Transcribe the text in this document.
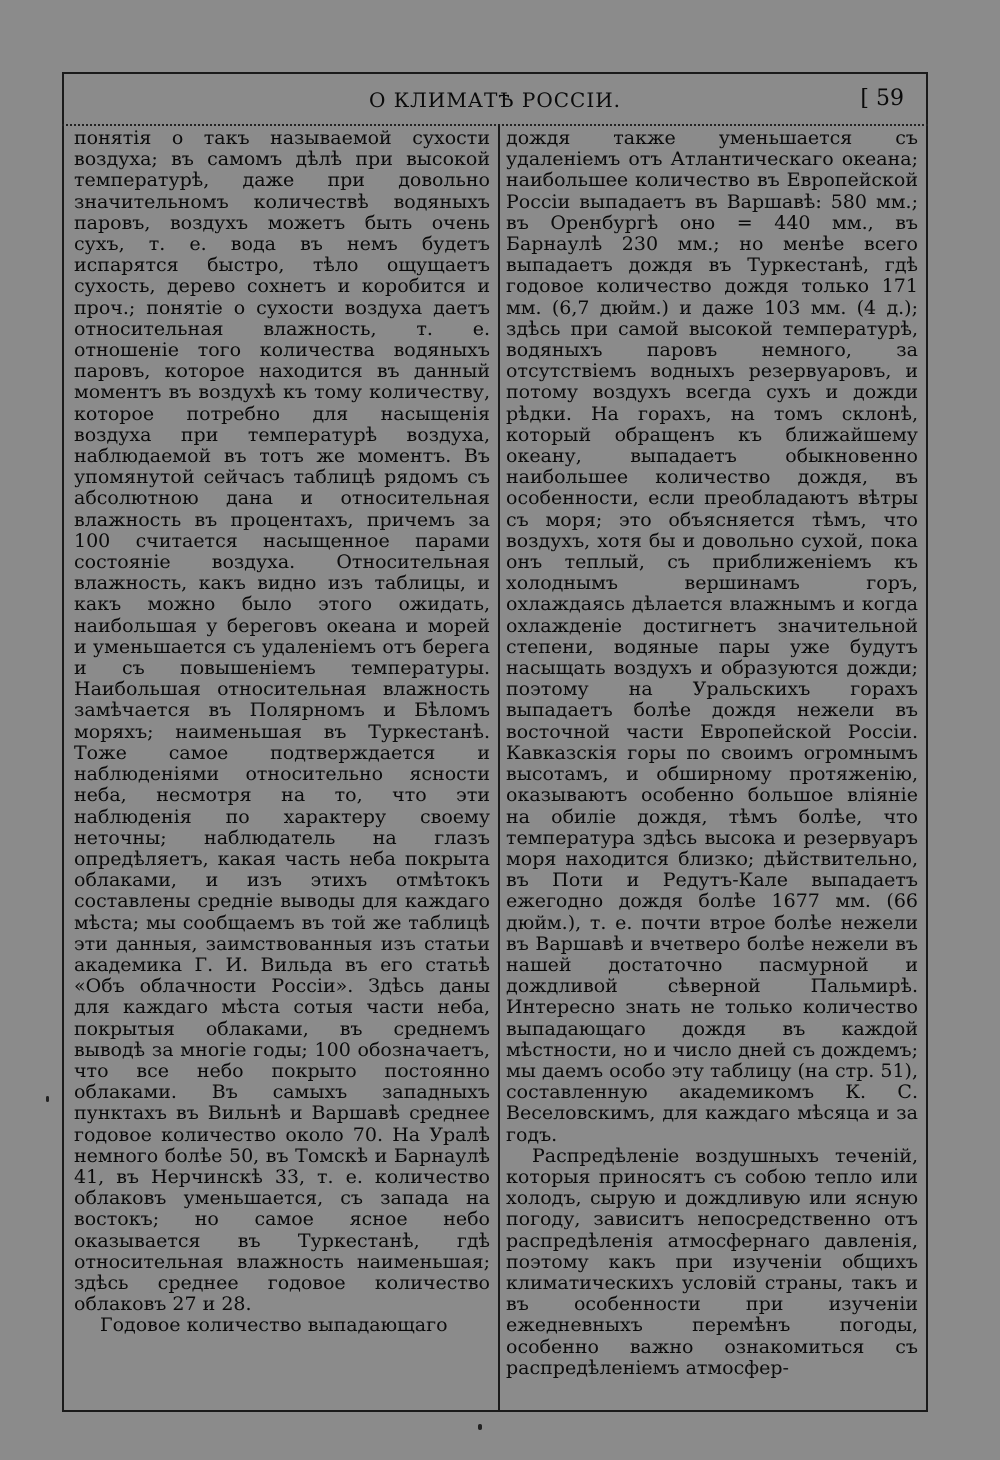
О КЛИМАТѢ РОССІИ.	[ 59

понятія о такъ называемой сухости воздуха; въ самомъ дѣлѣ при высокой температурѣ, даже при довольно значительномъ количествѣ водяныхъ паровъ, воздухъ можетъ быть очень сухъ, т. е. вода въ немъ будетъ испарятся быстро, тѣло ощущаетъ сухость, дерево сохнетъ и коробится и проч.; понятіе о сухости воздуха даетъ относительная влажность, т. е. отношеніе того количества водяныхъ паровъ, которое находится въ данный моментъ въ воздухѣ къ тому количеству, которое потребно для насыщенія воздуха при температурѣ воздуха, наблюдаемой въ тотъ же моментъ. Въ упомянутой сейчасъ таблицѣ рядомъ съ абсолютною дана и относительная влажность въ процентахъ, причемъ за 100 считается насыщенное парами состояніе воздуха. Относительная влажность, какъ видно изъ таблицы, и какъ можно было этого ожидать, наибольшая у береговъ океана и морей и уменьшается съ удаленіемъ отъ берега и съ повышеніемъ температуры. Наибольшая относительная влажность замѣчается въ Полярномъ и Бѣломъ моряхъ; наименьшая въ Туркестанѣ. Тоже самое подтверждается и наблюденіями относительно ясности неба, несмотря на то, что эти наблюденія по характеру своему неточны; наблюдатель на глазъ опредѣляетъ, какая часть неба покрыта облаками, и изъ этихъ отмѣтокъ составлены средніе выводы для каждаго мѣста; мы сообщаемъ въ той же таблицѣ эти данныя, заимствованныя изъ статьи академика Г. И. Вильда въ его статьѣ «Объ облачности Россіи». Здѣсь даны для каждаго мѣста сотыя части неба, покрытыя облаками, въ среднемъ выводѣ за многіе годы; 100 обозначаетъ, что все небо покрыто постоянно облаками. Въ самыхъ западныхъ пунктахъ въ Вильнѣ и Варшавѣ среднее годовое количество около 70. На Уралѣ немного болѣе 50, въ Томскѣ и Барнаулѣ 41, въ Нерчинскѣ 33, т. е. количество облаковъ уменьшается, съ запада на востокъ; но самое ясное небо оказывается въ Туркестанѣ, гдѣ относительная влажность наименьшая; здѣсь среднее годовое количество облаковъ 27 и 28.

Годовое количество выпадающаго

дождя также уменьшается съ удаленіемъ отъ Атлантическаго океана; наибольшее количество въ Европейской Россіи выпадаетъ въ Варшавѣ: 580 мм.; въ Оренбургѣ оно = 440 мм., въ Барнаулѣ 230 мм.; но менѣе всего выпадаетъ дождя въ Туркестанѣ, гдѣ годовое количество дождя только 171 мм. (6,7 дюйм.) и даже 103 мм. (4 д.); здѣсь при самой высокой температурѣ, водяныхъ паровъ немного, за отсутствіемъ водныхъ резервуаровъ, и потому воздухъ всегда сухъ и дожди рѣдки. На горахъ, на томъ склонѣ, который обращенъ къ ближайшему океану, выпадаетъ обыкновенно наибольшее количество дождя, въ особенности, если преобладаютъ вѣтры съ моря; это объясняется тѣмъ, что воздухъ, хотя бы и довольно сухой, пока онъ теплый, съ приближеніемъ къ холоднымъ вершинамъ горъ, охлаждаясь дѣлается влажнымъ и когда охлажденіе достигнетъ значительной степени, водяные пары уже будутъ насыщать воздухъ и образуются дожди; поэтому на Уральскихъ горахъ выпадаетъ болѣе дождя нежели въ восточной части Европейской Россіи. Кавказскія горы по своимъ огромнымъ высотамъ, и обширному протяженію, оказываютъ особенно большое вліяніе на обиліе дождя, тѣмъ болѣе, что температура здѣсь высока и резервуаръ моря находится близко; дѣйствительно, въ Поти и Редутъ-Кале выпадаетъ ежегодно дождя болѣе 1677 мм. (66 дюйм.), т. е. почти втрое болѣе нежели въ Варшавѣ и вчетверо болѣе нежели въ нашей достаточно пасмурной и дождливой сѣверной Пальмирѣ. Интересно знать не только количество выпадающаго дождя въ каждой мѣстности, но и число дней съ дождемъ; мы даемъ особо эту таблицу (на стр. 51), составленную академикомъ К. С. Веселовскимъ, для каждаго мѣсяца и за годъ.

Распредѣленіе воздушныхъ теченій, которыя приносятъ съ собою тепло или холодъ, сырую и дождливую или ясную погоду, зависитъ непосредственно отъ распредѣленія атмосфернаго давленія, поэтому какъ при изученіи общихъ климатическихъ условій страны, такъ и въ особенности при изученіи ежедневныхъ перемѣнъ погоды, особенно важно ознакомиться съ распредѣленіемъ атмосфер-
